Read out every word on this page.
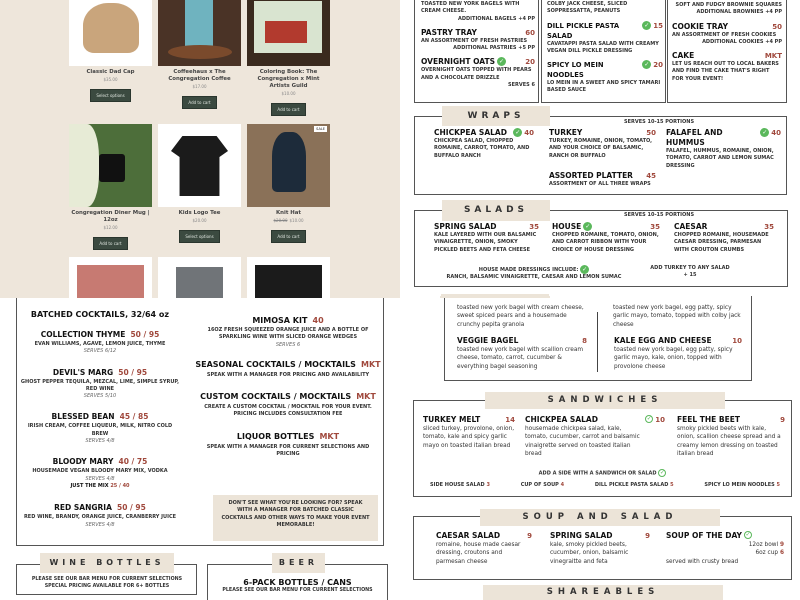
Classic Dad Cap
$35.00
Select options
Coffeehaus x The Congregation Coffee
$17.00
Add to cart
Coloring Book: The Congregation x Mint Artists Guild
$10.00
Add to cart
Congregation Diner Mug | 12oz
$12.00
Add to cart
Kids Logo Tee
$20.00
Select options
SALE
Knit Hat
$20.00 $10.00
Add to cart
TOASTED NEW YORK BAGELS WITH CREAM CHEESE.
ADDITIONAL BAGELS +4 PP
PASTRY TRAY	60
AN ASSORTMENT OF FRESH PASTRIES
ADDITIONAL PASTRIES +5 PP
OVERNIGHT OATS ✓	20
OVERNIGHT OATS TOPPED WITH PEARS AND A CHOCOLATE DRIZZLE
SERVES 6
COLBY JACK CHEESE, SLICED SOPPRESSATTA, PEANUTS
DILL PICKLE PASTA SALAD
✓ 15
CAVATAPPI PASTA SALAD WITH CREAMY VEGAN DILL PICKLE DRESSING
SPICY LO MEIN NOODLES
✓ 20
LO MEIN IN A SWEET AND SPICY TAMARI BASED SAUCE
SOFT AND FUDGY BROWNIE SQUARES
ADDITIONAL BROWNIES +4 PP
COOKIE TRAY	50
AN ASSORTMENT OF FRESH COOKIES
ADDITIONAL COOKIES +4 PP
CAKE	MKT
LET US REACH OUT TO LOCAL BAKERS AND FIND THE CAKE THAT'S RIGHT FOR YOUR EVENT!
WRAPS
SERVES 10-15 PORTIONS
CHICKPEA SALAD	✓ 40
CHICKPEA SALAD, CHOPPED ROMAINE, CARROT, TOMATO, AND BUFFALO RANCH
TURKEY	50
TURKEY, ROMAINE, ONION, TOMATO, AND YOUR CHOICE OF BALSAMIC, RANCH OR BUFFALO
FALAFEL AND HUMMUS
✓ 40
FALAFEL, HUMMUS, ROMAINE, ONION, TOMATO, CARROT AND LEMON SUMAC DRESSING
ASSORTED PLATTER	45
ASSORTMENT OF ALL THREE WRAPS
SALADS	SERVES 10-15 PORTIONS
SPRING SALAD	35
KALE LAYERED WITH OUR BALSAMIC VINAIGRETTE, ONION, SMOKY PICKLED BEETS AND FETA CHEESE
HOUSE ✓	35
CHOPPED ROMAINE, TOMATO, ONION, AND CARROT RIBBON WITH YOUR CHOICE OF HOUSE DRESSING
CAESAR	35
CHOPPED ROMAINE, HOUSEMADE CAESAR DRESSING, PARMESAN WITH CROUTON CRUMBS
HOUSE MADE DRESSINGS INCLUDE: ✓
RANCH, BALSAMIC VINAIGRETTE, CAESAR AND LEMON SUMAC
ADD TURKEY TO ANY SALAD
+ 15
BATCHED COCKTAILS, 32/64 oz
COLLECTION THYME 50 / 95
EVAN WILLIAMS, AGAVE, LEMON JUICE, THYME
SERVES 6/12
DEVIL'S MARG 50 / 95
GHOST PEPPER TEQUILA, MEZCAL, LIME, SIMPLE SYRUP, RED WINE
SERVES 5/10
BLESSED BEAN 45 / 85
IRISH CREAM, COFFEE LIQUEUR, MILK, NITRO COLD BREW
SERVES 4/8
BLOODY MARY 40 / 75
HOUSEMADE VEGAN BLOODY MARY MIX, VODKA
SERVES 4/8
JUST THE MIX 25 / 40
RED SANGRIA 50 / 95
RED WINE, BRANDY, ORANGE JUICE, CRANBERRY JUICE
SERVES 4/8
MIMOSA KIT 40
16OZ FRESH SQUEEZED ORANGE JUICE AND A BOTTLE OF SPARKLING WINE WITH SLICED ORANGE WEDGES
SERVES 6
SEASONAL COCKTAILS / MOCKTAILS MKT
SPEAK WITH A MANAGER FOR PRICING AND AVAILABILITY
CUSTOM COCKTAILS / MOCKTAILS MKT
CREATE A CUSTOM COCKTAIL / MOCKTAIL FOR YOUR EVENT. PRICING INCLUDES CONSULTATION FEE
LIQUOR BOTTLES MKT
SPEAK WITH A MANAGER FOR CURRENT SELECTIONS AND PRICING
DON'T SEE WHAT YOU'RE LOOKING FOR? SPEAK WITH A MANAGER FOR BATCHED CLASSIC COCKTAILS AND OTHER WAYS TO MAKE YOUR EVENT MEMORABLE!
WINE BOTTLES
PLEASE SEE OUR BAR MENU FOR CURRENT SELECTIONS
SPECIAL PRICING AVAILABLE FOR 6+ BOTTLES
BEER
6-PACK BOTTLES / CANS
PLEASE SEE OUR BAR MENU FOR CURRENT SELECTIONS
toasted new york bagel with cream cheese, sweet spiced pears and a housemade crunchy pepita granola
toasted new york bagel, egg patty, spicy garlic mayo, tomato, topped with colby jack cheese
VEGGIE BAGEL	8
toasted new york bagel with scallion cream cheese, tomato, carrot, cucumber & everything bagel seasoning
KALE EGG AND CHEESE	10
toasted new york bagel, egg patty, spicy garlic mayo, kale, onion, topped with provolone cheese
SANDWICHES
TURKEY MELT	14
sliced turkey, provolone, onion, tomato, kale and spicy garlic mayo on toasted italian bread
CHICKPEA SALAD	✓ 10
housemade chickpea salad, kale, tomato, cucumber, carrot and balsamic vinaigrette served on toasted italian bread
FEEL THE BEET	9
smoky pickled beets with kale, onion, scallion cheese spread and a creamy lemon dressing on toasted italian bread
ADD A SIDE WITH A SANDWICH OR SALAD ✓
SIDE HOUSE SALAD 3	CUP OF SOUP 4	DILL PICKLE PASTA SALAD 5	SPICY LO MEIN NOODLES 5
SOUP AND SALAD
CAESAR SALAD	9
romaine, house made caesar dressing, croutons and parmesan cheese
SPRING SALAD	9
kale, smoky pickled beets, cucumber, onion, balsamic vinegraitte and feta
SOUP OF THE DAY ✓
12oz bowl 9
6oz cup 6
served with crusty bread
SHAREABLES
